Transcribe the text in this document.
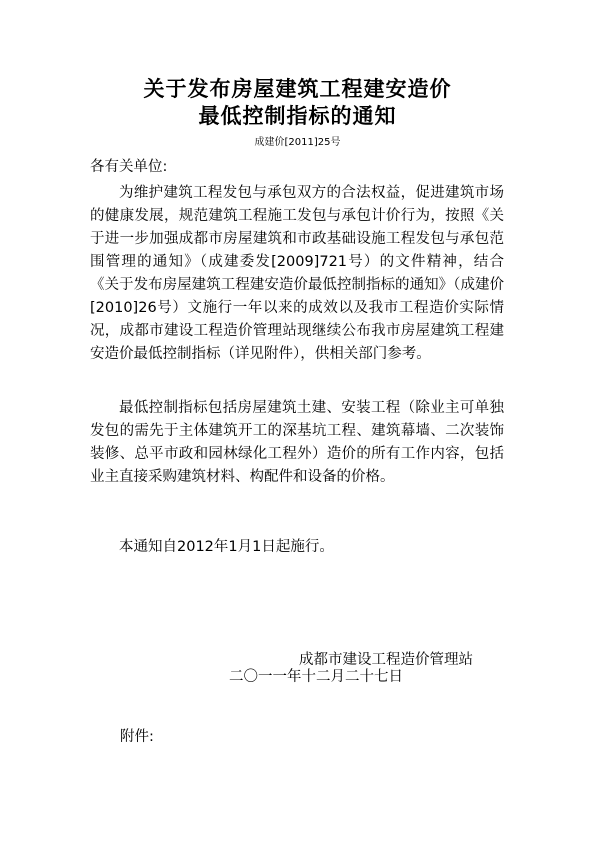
关于发布房屋建筑工程建安造价
最低控制指标的通知
成建价[2011]25号
各有关单位:

为维护建筑工程发包与承包双方的合法权益，促进建筑市场的健康发展，规范建筑工程施工发包与承包计价行为，按照《关于进一步加强成都市房屋建筑和市政基础设施工程发包与承包范围管理的通知》（成建委发[2009]721号）的文件精神，结合《关于发布房屋建筑工程建安造价最低控制指标的通知》（成建价[2010]26号）文施行一年以来的成效以及我市工程造价实际情况，成都市建设工程造价管理站现继续公布我市房屋建筑工程建安造价最低控制指标（详见附件），供相关部门参考。

最低控制指标包括房屋建筑土建、安装工程（除业主可单独发包的需先于主体建筑开工的深基坑工程、建筑幕墙、二次装饰装修、总平市政和园林绿化工程外）造价的所有工作内容，包括业主直接采购建筑材料、构配件和设备的价格。

本通知自2012年1月1日起施行。

成都市建设工程造价管理站
二〇一一年十二月二十七日
附件:
